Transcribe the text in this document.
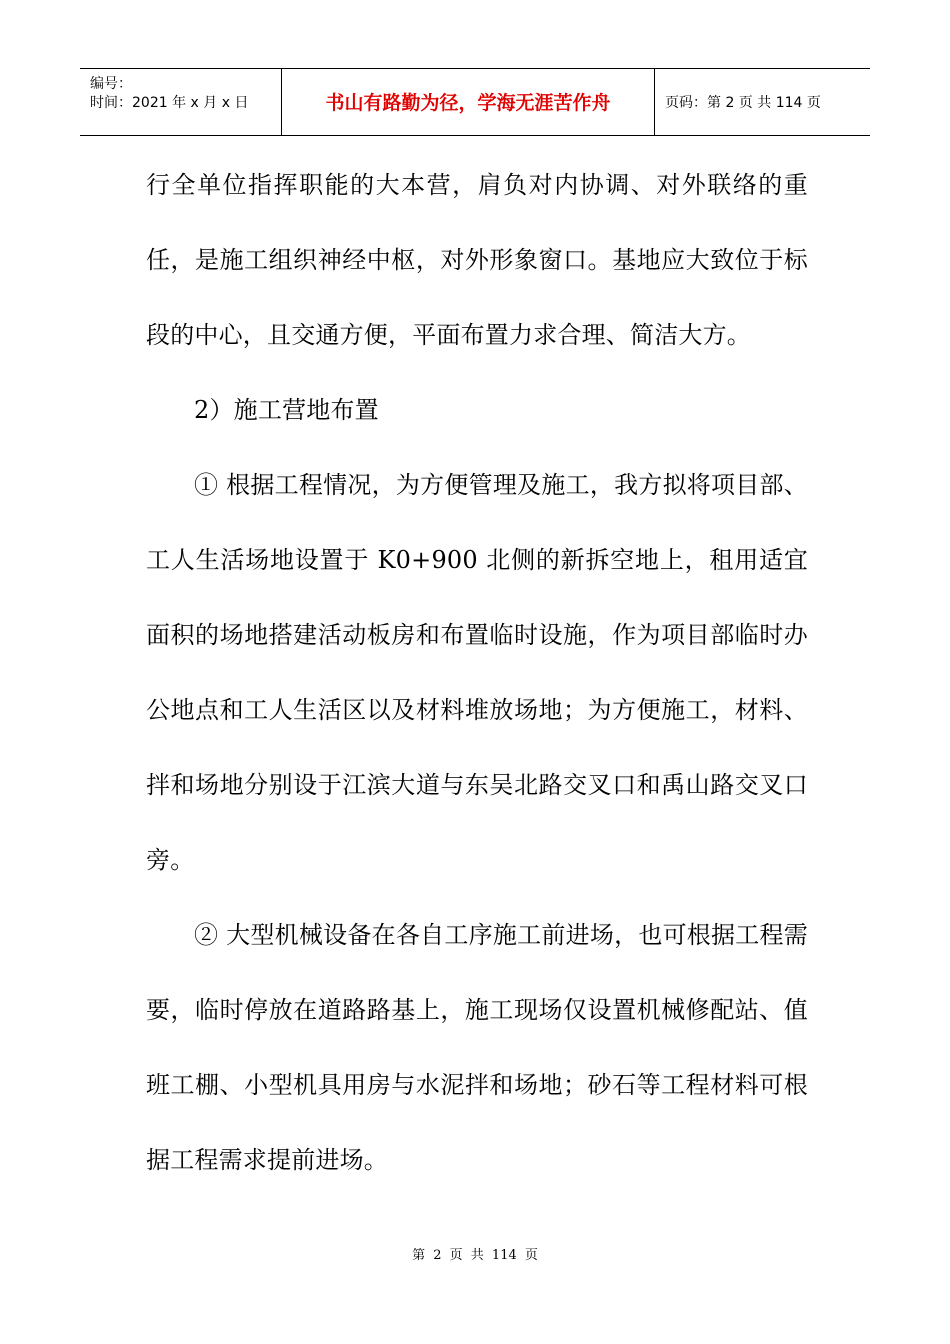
编号：
时间：2021 年 x 月 x 日	书山有路勤为径，学海无涯苦作舟	页码：第 2 页 共 114 页

行全单位指挥职能的大本营，肩负对内协调、对外联络的重任，是施工组织神经中枢，对外形象窗口。基地应大致位于标段的中心，且交通方便，平面布置力求合理、简洁大方。

2）施工营地布置

① 根据工程情况，为方便管理及施工，我方拟将项目部、工人生活场地设置于 K0+900 北侧的新拆空地上，租用适宜面积的场地搭建活动板房和布置临时设施，作为项目部临时办公地点和工人生活区以及材料堆放场地；为方便施工，材料、拌和场地分别设于江滨大道与东吴北路交叉口和禹山路交叉口旁。

② 大型机械设备在各自工序施工前进场，也可根据工程需要，临时停放在道路路基上，施工现场仅设置机械修配站、值班工棚、小型机具用房与水泥拌和场地；砂石等工程材料可根据工程需求提前进场。

第 2 页 共 114 页
